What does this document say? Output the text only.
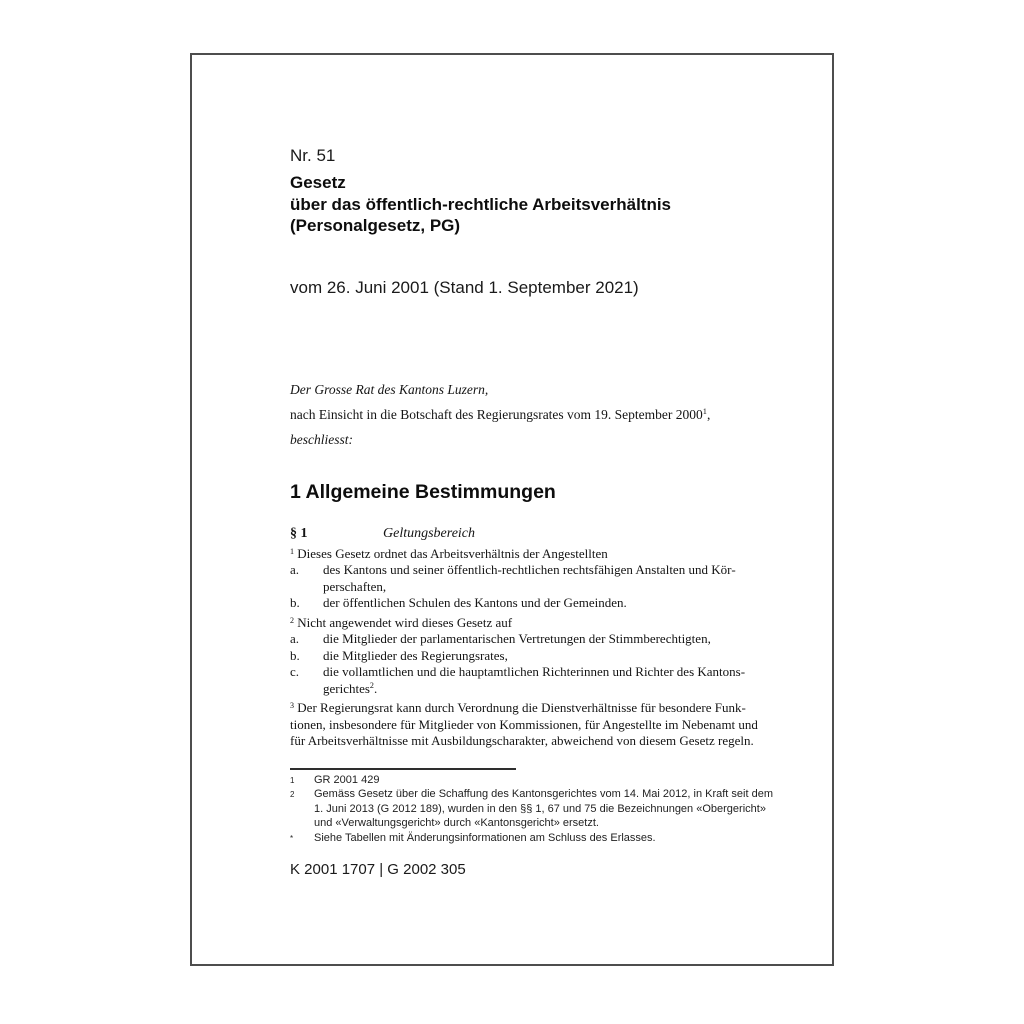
Nr. 51
Gesetz
über das öffentlich-rechtliche Arbeitsverhältnis
(Personalgesetz, PG)
vom 26. Juni 2001 (Stand 1. September 2021)

Der Grosse Rat des Kantons Luzern,

nach Einsicht in die Botschaft des Regierungsrates vom 19. September 2000$^1$,

beschliesst:

1 Allgemeine Bestimmungen
§ 1	Geltungsbereich

$^1$ Dieses Gesetz ordnet das Arbeitsverhältnis der Angestellten

a.	des Kantons und seiner öffentlich-rechtlichen rechtsfähigen Anstalten und Körperschaften,
b.	der öffentlichen Schulen des Kantons und der Gemeinden.

$^2$ Nicht angewendet wird dieses Gesetz auf

a.	die Mitglieder der parlamentarischen Vertretungen der Stimmberechtigten,
b.	die Mitglieder des Regierungsrates,
c.	die vollamtlichen und die hauptamtlichen Richterinnen und Richter des Kantonsgerichtes$^2$.

$^3$ Der Regierungsrat kann durch Verordnung die Dienstverhältnisse für besondere Funktionen, insbesondere für Mitglieder von Kommissionen, für Angestellte im Nebenamt und für Arbeitsverhältnisse mit Ausbildungscharakter, abweichend von diesem Gesetz regeln.

1	GR 2001 429
2	Gemäss Gesetz über die Schaffung des Kantonsgerichtes vom 14. Mai 2012, in Kraft seit dem 1. Juni 2013 (G 2012 189), wurden in den §§ 1, 67 und 75 die Bezeichnungen «Obergericht» und «Verwaltungsgericht» durch «Kantonsgericht» ersetzt.
*	Siehe Tabellen mit Änderungsinformationen am Schluss des Erlasses.
K 2001 1707 | G 2002 305
